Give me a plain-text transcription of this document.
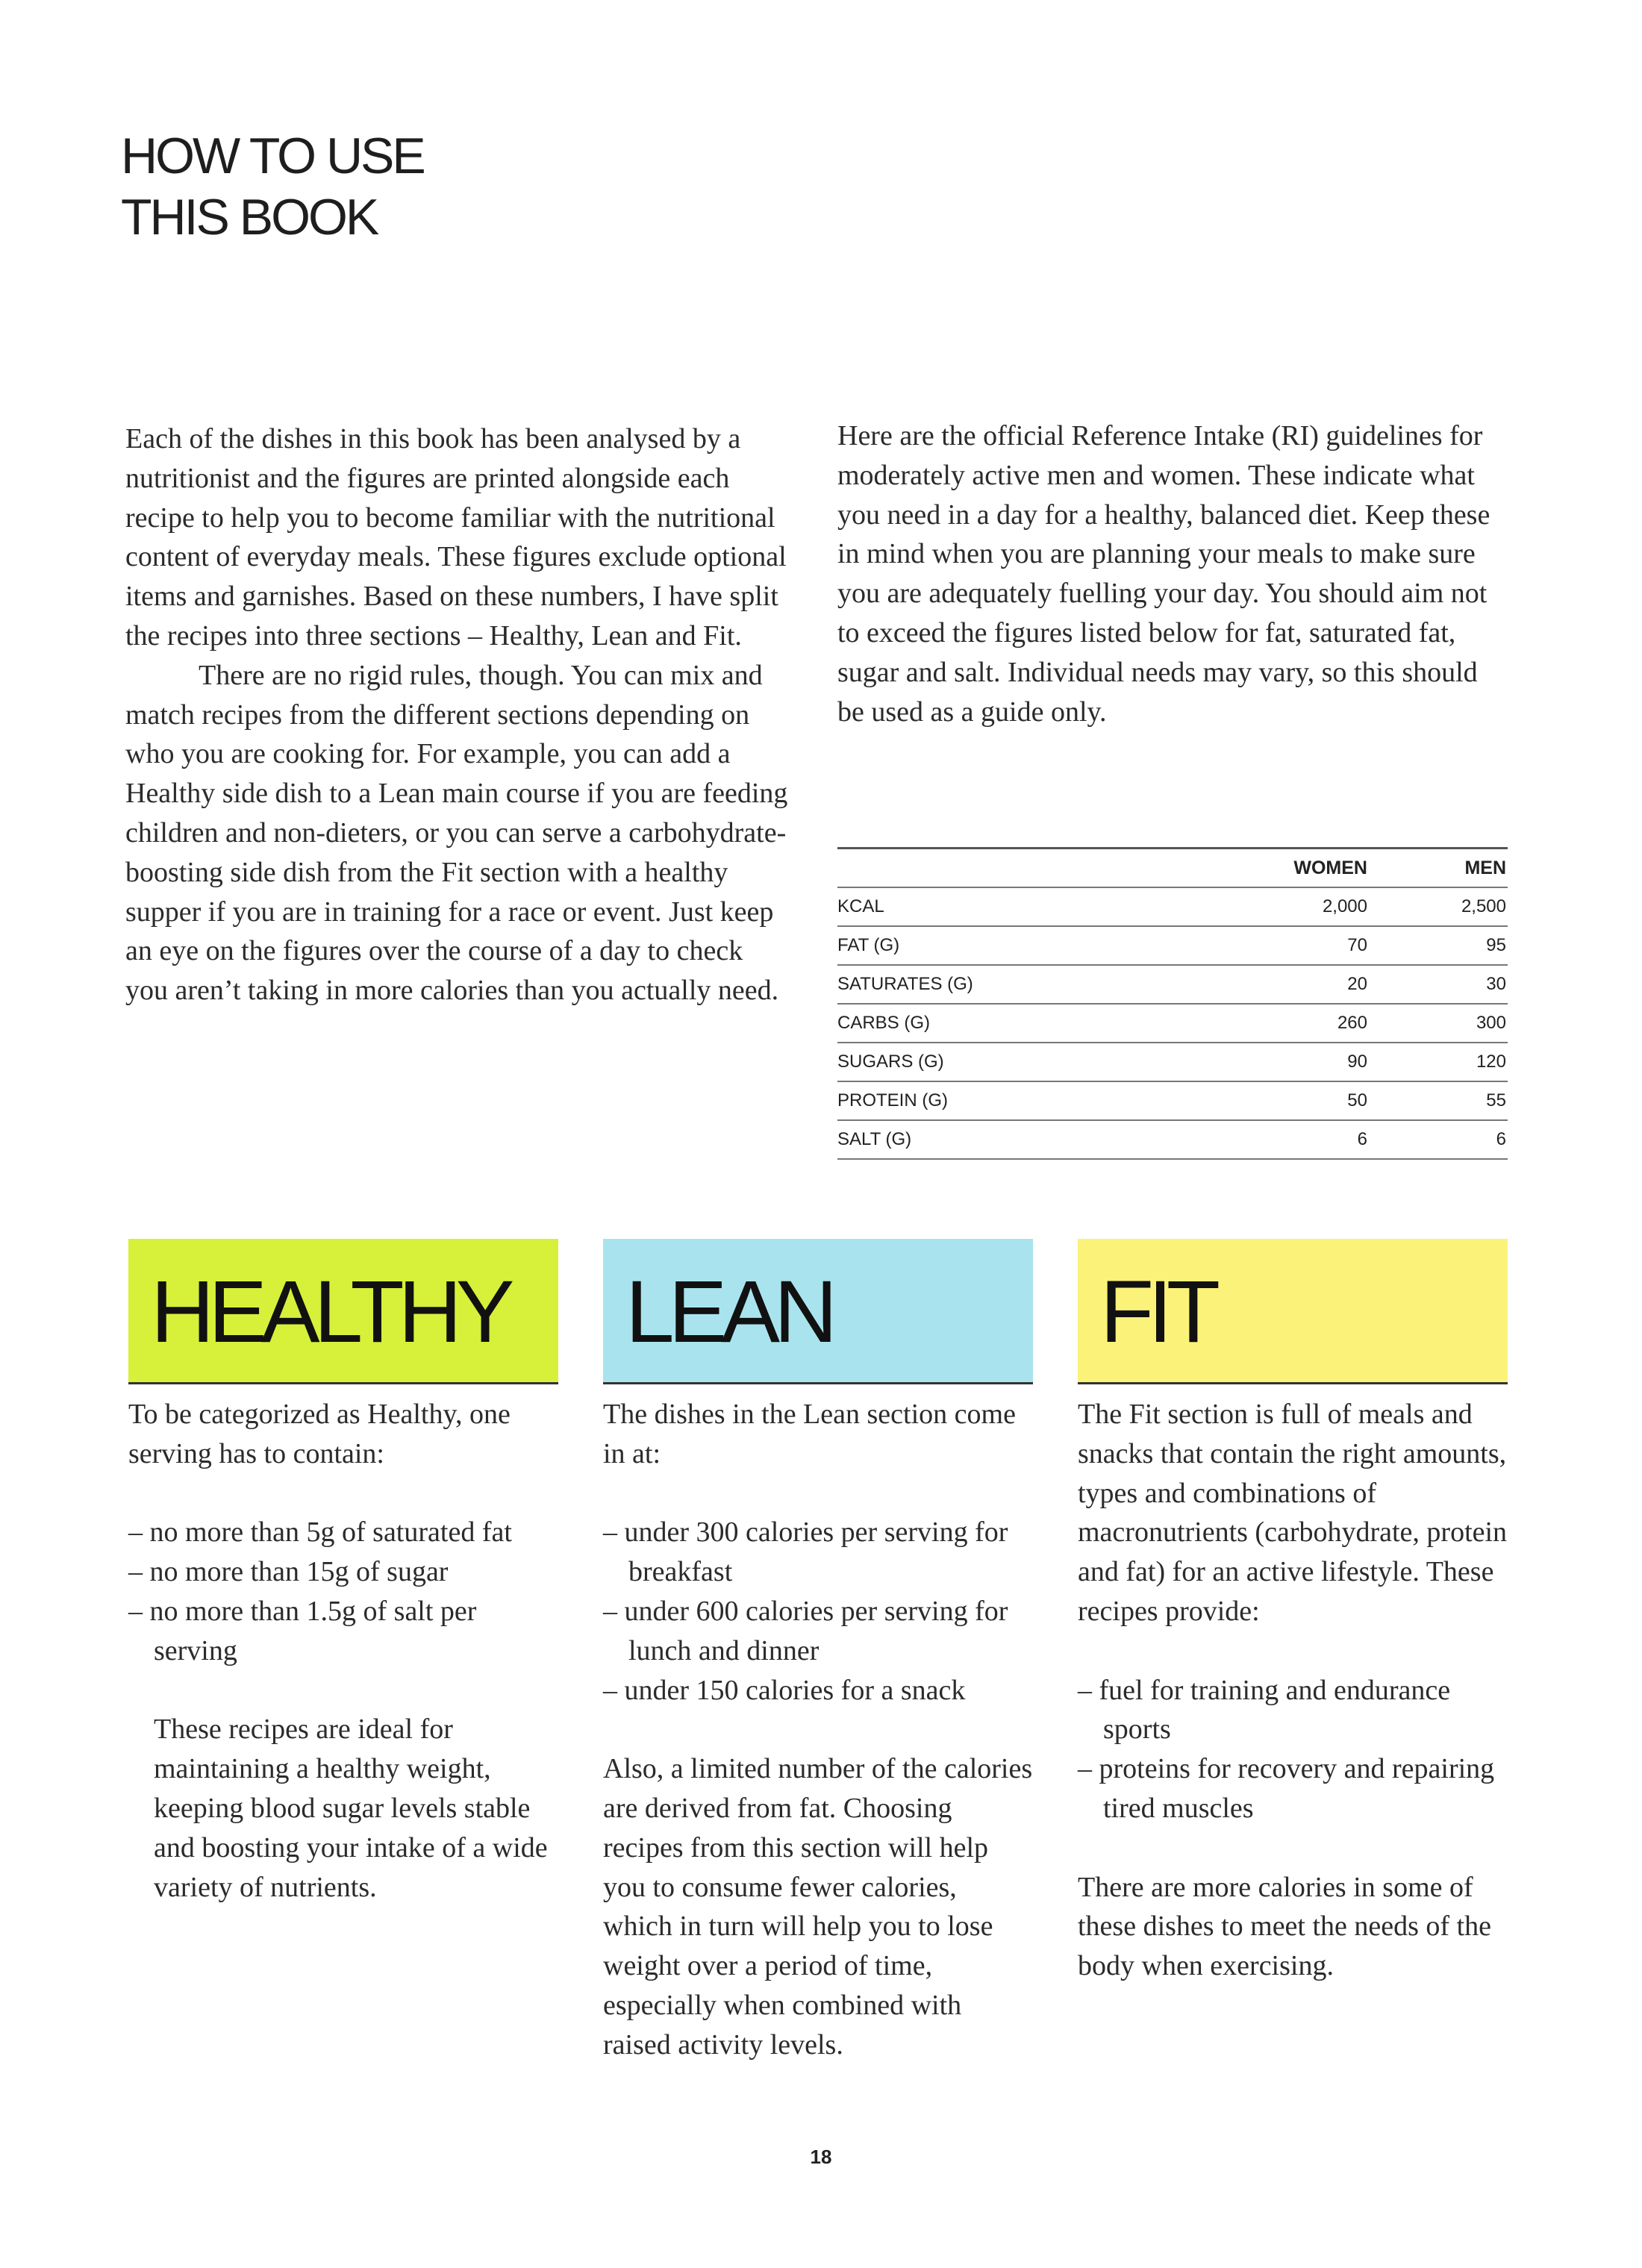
HOW TO USE
THIS BOOK

Each of the dishes in this book has been analysed by a nutritionist and the figures are printed alongside each recipe to help you to become familiar with the nutritional content of everyday meals. These figures exclude optional items and garnishes. Based on these numbers, I have split the recipes into three sections – Healthy, Lean and Fit.

There are no rigid rules, though. You can mix and match recipes from the different sections depending on who you are cooking for. For example, you can add a Healthy side dish to a Lean main course if you are feeding children and non-dieters, or you can serve a carbohydrate-boosting side dish from the Fit section with a healthy supper if you are in training for a race or event. Just keep an eye on the figures over the course of a day to check you aren’t taking in more calories than you actually need.

Here are the official Reference Intake (RI) guidelines for moderately active men and women. These indicate what you need in a day for a healthy, balanced diet. Keep these in mind when you are planning your meals to make sure you are adequately fuelling your day. You should aim not to exceed the figures listed below for fat, saturated fat, sugar and salt. Individual needs may vary, so this should be used as a guide only.

	WOMEN	MEN
KCAL	2,000	2,500
FAT (G)	70	95
SATURATES (G)	20	30
CARBS (G)	260	300
SUGARS (G)	90	120
PROTEIN (G)	50	55
SALT (G)	6	6
HEALTHY

To be categorized as Healthy, one serving has to contain:

– no more than 5g of saturated fat
– no more than 15g of sugar
– no more than 1.5g of salt per serving

These recipes are ideal for maintaining a healthy weight, keeping blood sugar levels stable and boosting your intake of a wide variety of nutrients.

LEAN

The dishes in the Lean section come in at:

– under 300 calories per serving for breakfast
– under 600 calories per serving for lunch and dinner
– under 150 calories for a snack

Also, a limited number of the calories are derived from fat. Choosing recipes from this section will help you to consume fewer calories, which in turn will help you to lose weight over a period of time, especially when combined with raised activity levels.

FIT

The Fit section is full of meals and snacks that contain the right amounts, types and combinations of macronutrients (carbohydrate, protein and fat) for an active lifestyle. These recipes provide:

– fuel for training and endurance sports
– proteins for recovery and repairing tired muscles

There are more calories in some of these dishes to meet the needs of the body when exercising.

18
